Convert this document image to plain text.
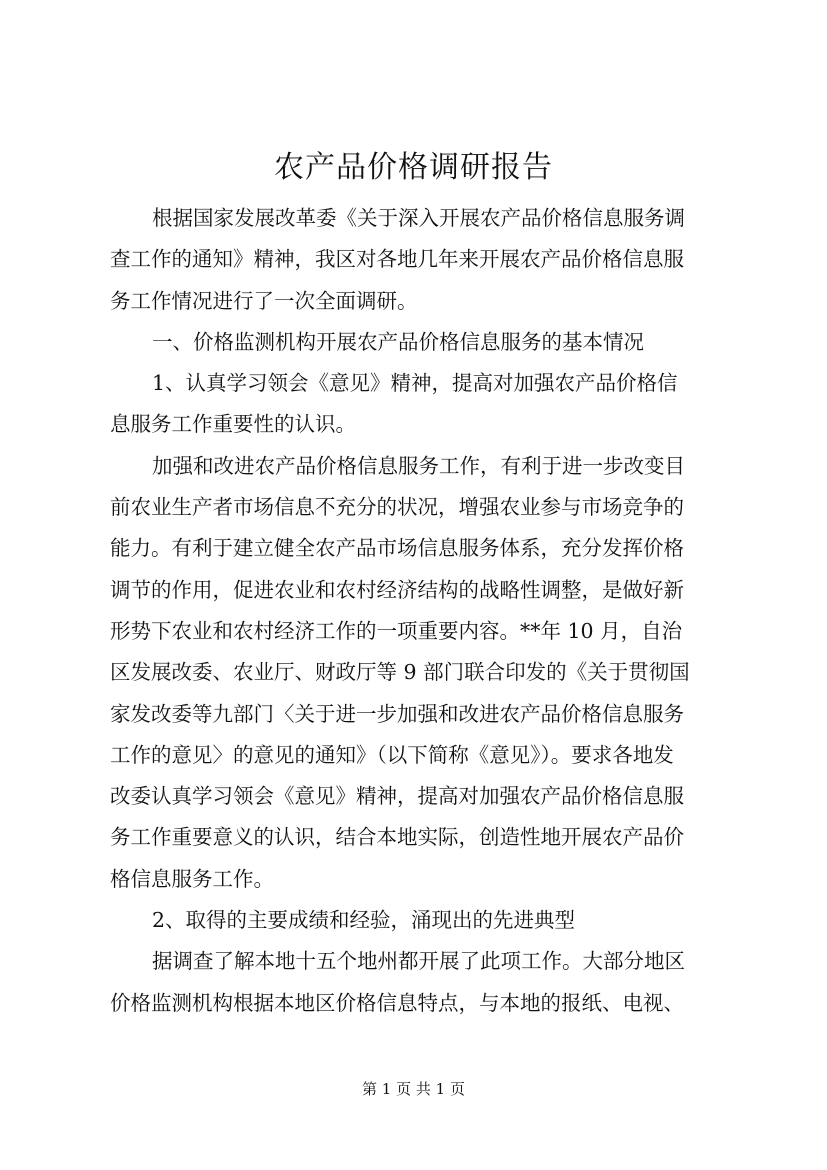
农产品价格调研报告
根据国家发展改革委《关于深入开展农产品价格信息服务调
查工作的通知》精神，我区对各地几年来开展农产品价格信息服
务工作情况进行了一次全面调研。
一、价格监测机构开展农产品价格信息服务的基本情况
1、认真学习领会《意见》精神，提高对加强农产品价格信
息服务工作重要性的认识。
加强和改进农产品价格信息服务工作，有利于进一步改变目
前农业生产者市场信息不充分的状况，增强农业参与市场竞争的
能力。有利于建立健全农产品市场信息服务体系，充分发挥价格
调节的作用，促进农业和农村经济结构的战略性调整，是做好新
形势下农业和农村经济工作的一项重要内容。**年 10 月，自治
区发展改委、农业厅、财政厅等 9 部门联合印发的《关于贯彻国
家发改委等九部门〈关于进一步加强和改进农产品价格信息服务
工作的意见〉的意见的通知》（以下简称《意见》）。要求各地发
改委认真学习领会《意见》精神，提高对加强农产品价格信息服
务工作重要意义的认识，结合本地实际，创造性地开展农产品价
格信息服务工作。
2、取得的主要成绩和经验，涌现出的先进典型
据调查了解本地十五个地州都开展了此项工作。大部分地区
价格监测机构根据本地区价格信息特点，与本地的报纸、电视、
第 1 页 共 1 页
